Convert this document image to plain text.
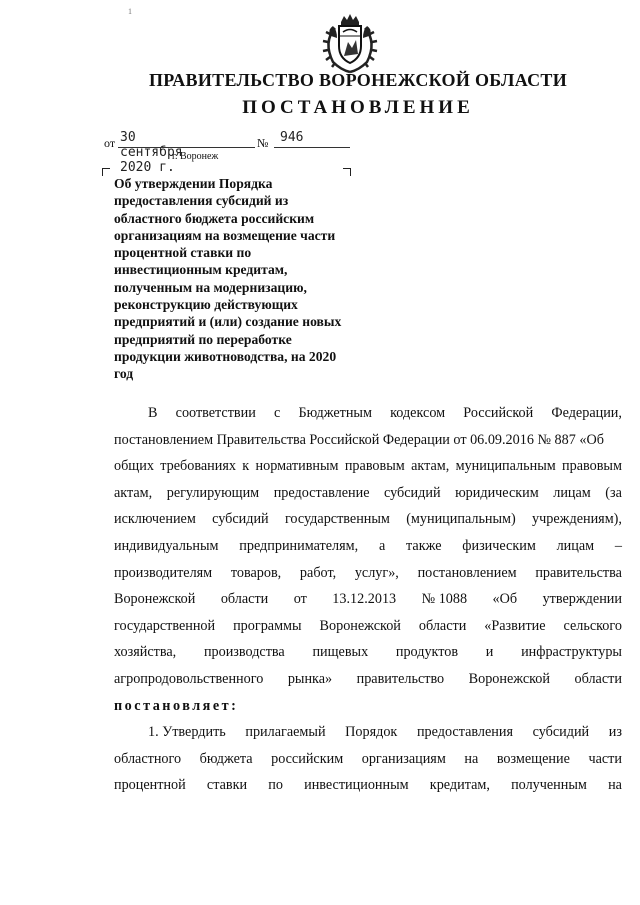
1
ПРАВИТЕЛЬСТВО ВОРОНЕЖСКОЙ ОБЛАСТИ
ПОСТАНОВЛЕНИЕ
от 30 сентября 2020 г.
№ 946
г. Воронеж
Об утверждении Порядка
предоставления субсидий из
областного бюджета российским
организациям на возмещение части
процентной ставки по
инвестиционным кредитам,
полученным на модернизацию,
реконструкцию действующих
предприятий и (или) создание новых
предприятий по переработке
продукции животноводства, на 2020
год
В соответствии с Бюджетным кодексом Российской Федерации,
постановлением Правительства Российской Федерации от 06.09.2016 № 887 «Об
общих требованиях к нормативным правовым актам, муниципальным правовым
актам, регулирующим предоставление субсидий юридическим лицам (за
исключением субсидий государственным (муниципальным) учреждениям),
индивидуальным предпринимателям, а также физическим лицам –
производителям товаров, работ, услуг», постановлением правительства
Воронежской области от 13.12.2013 № 1088 «Об утверждении
государственной программы Воронежской области «Развитие сельского
хозяйства, производства пищевых продуктов и инфраструктуры
агропродовольственного рынка» правительство Воронежской области
постановляет:
1. Утвердить прилагаемый Порядок предоставления субсидий из
областного бюджета российским организациям на возмещение части
процентной ставки по инвестиционным кредитам, полученным на
